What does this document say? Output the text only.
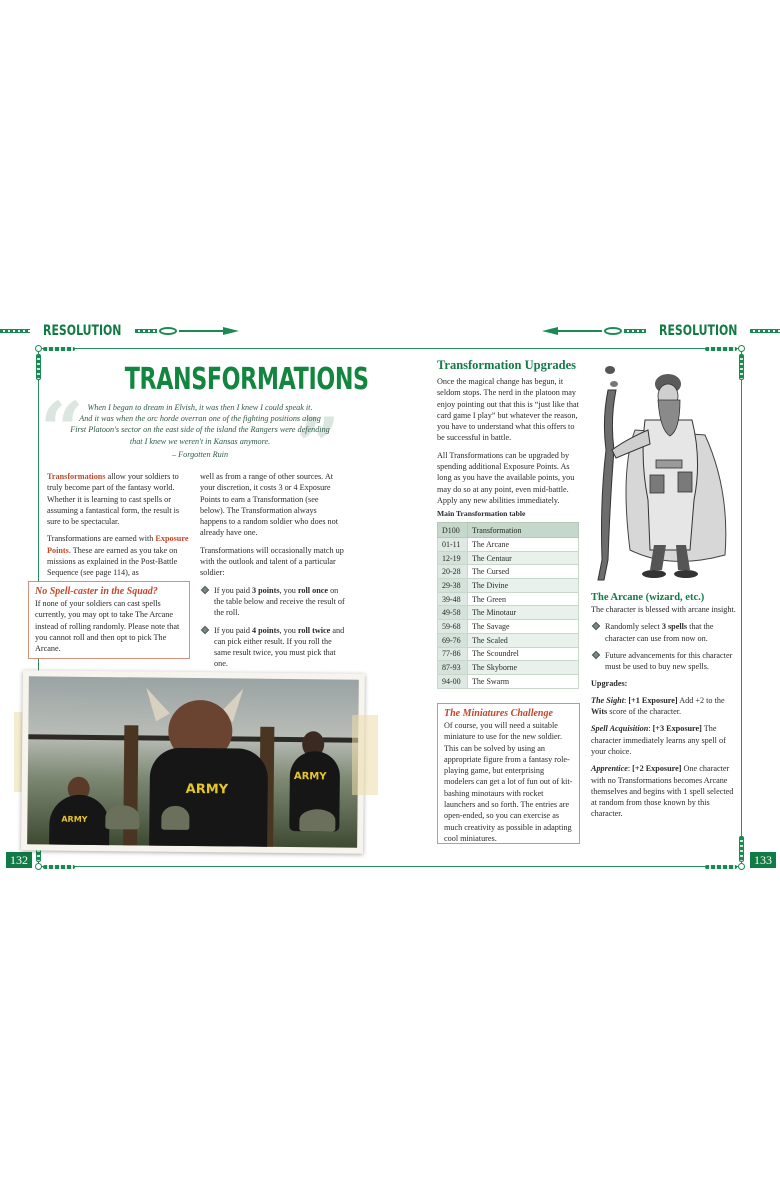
RESOLUTION	RESOLUTION
132	133
TRANSFORMATIONS
“	”
When I began to dream in Elvish, it was then I knew I could speak it.
And it was when the orc horde overran one of the fighting positions along
First Platoon's sector on the east side of the island the Rangers were defending
that I knew we weren't in Kansas anymore.
– Forgotten Ruin

Transformations allow your soldiers to truly become part of the fantasy world. Whether it is learning to cast spells or assuming a fantastical form, the result is sure to be spectacular.

Transformations are earned with Exposure Points. These are earned as you take on missions as explained in the Post-Battle Sequence (see page 114), as

No Spell-caster in the Squad?
If none of your soldiers can cast spells currently, you may opt to take The Arcane instead of rolling randomly. Please note that you cannot roll and then opt to pick The Arcane.

well as from a range of other sources. At your discretion, it costs 3 or 4 Exposure Points to earn a Transformation (see below). The Transformation always happens to a random soldier who does not already have one.

Transformations will occasionally match up with the outlook and talent of a particular soldier:

If you paid 3 points, you roll once on the table below and receive the result of the roll.
If you paid 4 points, you roll twice and can pick either result. If you roll the same result twice, you must pick that one.
ARMY
ARMY
ARMY
Transformation Upgrades

Once the magical change has begun, it seldom stops. The nerd in the platoon may enjoy pointing out that this is “just like that card game I play” but whatever the reason, you have to understand what this offers to be successful in battle.

All Transformations can be upgraded by spending additional Exposure Points. As long as you have the available points, you may do so at any point, even mid-battle. Apply any new abilities immediately.

Main Transformation table
D100	Transformation
01-11	The Arcane
12-19	The Centaur
20-28	The Cursed
29-38	The Divine
39-48	The Green
49-58	The Minotaur
59-68	The Savage
69-76	The Scaled
77-86	The Scoundrel
87-93	The Skyborne
94-00	The Swarm
The Miniatures Challenge
Of course, you will need a suitable miniature to use for the new soldier. This can be solved by using an appropriate figure from a fantasy role-playing game, but enterprising modelers can get a lot of fun out of kit-bashing minotaurs with rocket launchers and so forth. The entries are open-ended, so you can exercise as much creativity as possible in adapting cool miniatures.
The Arcane (wizard, etc.)

The character is blessed with arcane insight.

Randomly select 3 spells that the character can use from now on.
Future advancements for this character must be used to buy new spells.
Upgrades:

The Sight: [+1 Exposure] Add +2 to the Wits score of the character.

Spell Acquisition: [+3 Exposure] The character immediately learns any spell of your choice.

Apprentice: [+2 Exposure] One character with no Transformations becomes Arcane themselves and begins with 1 spell selected at random from those known by this character.
